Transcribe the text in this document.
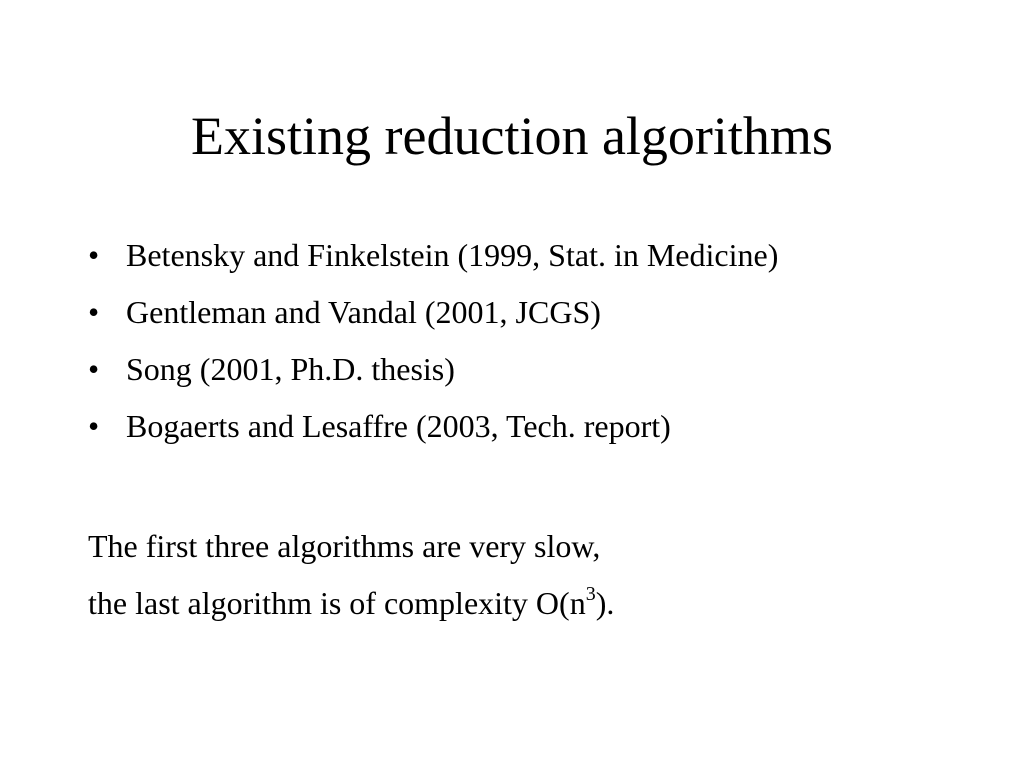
Existing reduction algorithms
• Betensky and Finkelstein (1999, Stat. in Medicine)
• Gentleman and Vandal (2001, JCGS)
• Song (2001, Ph.D. thesis)
• Bogaerts and Lesaffre (2003, Tech. report)
The first three algorithms are very slow,
the last algorithm is of complexity $O(n^3)$.
